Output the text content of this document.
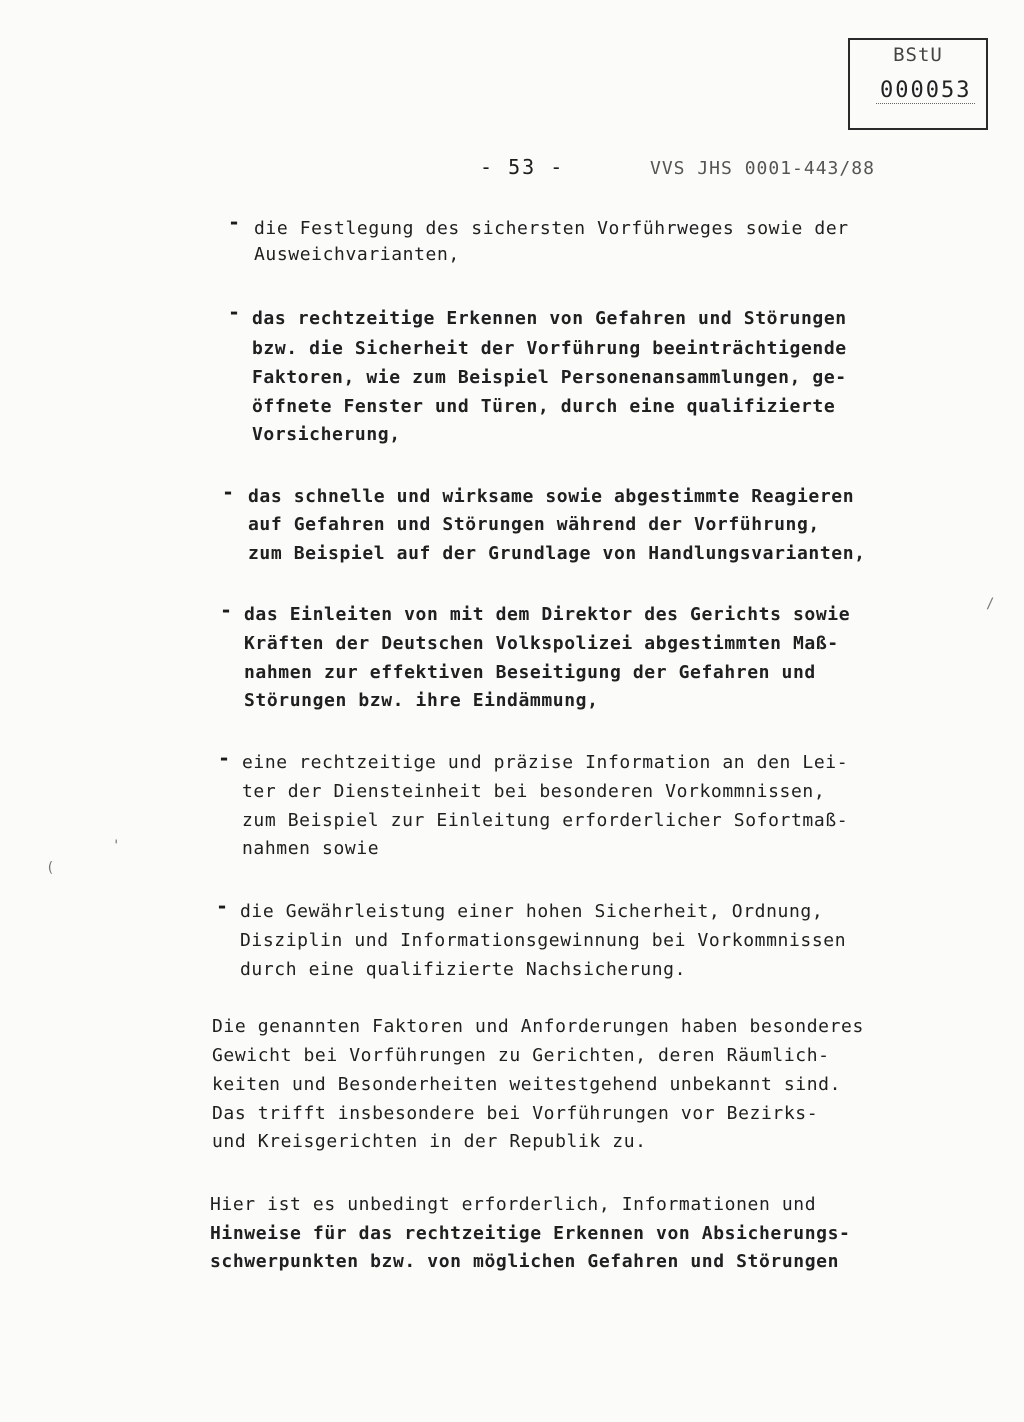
BStU
000053
- 53 -	VVS JHS 0001-443/88
- die Festlegung des sichersten Vorführweges sowie der
Ausweichvarianten,
- das rechtzeitige Erkennen von Gefahren und Störungen
bzw. die Sicherheit der Vorführung beeinträchtigende
Faktoren, wie zum Beispiel Personenansammlungen, ge-
öffnete Fenster und Türen, durch eine qualifizierte
Vorsicherung,
- das schnelle und wirksame sowie abgestimmte Reagieren
auf Gefahren und Störungen während der Vorführung,
zum Beispiel auf der Grundlage von Handlungsvarianten,
- das Einleiten von mit dem Direktor des Gerichts sowie
Kräften der Deutschen Volkspolizei abgestimmten Maß-
nahmen zur effektiven Beseitigung der Gefahren und
Störungen bzw. ihre Eindämmung,
- eine rechtzeitige und präzise Information an den Lei-
ter der Diensteinheit bei besonderen Vorkommnissen,
zum Beispiel zur Einleitung erforderlicher Sofortmaß-
nahmen sowie
- die Gewährleistung einer hohen Sicherheit, Ordnung,
Disziplin und Informationsgewinnung bei Vorkommnissen
durch eine qualifizierte Nachsicherung.
Die genannten Faktoren und Anforderungen haben besonderes
Gewicht bei Vorführungen zu Gerichten, deren Räumlich-
keiten und Besonderheiten weitestgehend unbekannt sind.
Das trifft insbesondere bei Vorführungen vor Bezirks-
und Kreisgerichten in der Republik zu.
Hier ist es unbedingt erforderlich, Informationen und
Hinweise für das rechtzeitige Erkennen von Absicherungs-
schwerpunkten bzw. von möglichen Gefahren und Störungen
/
'
(
